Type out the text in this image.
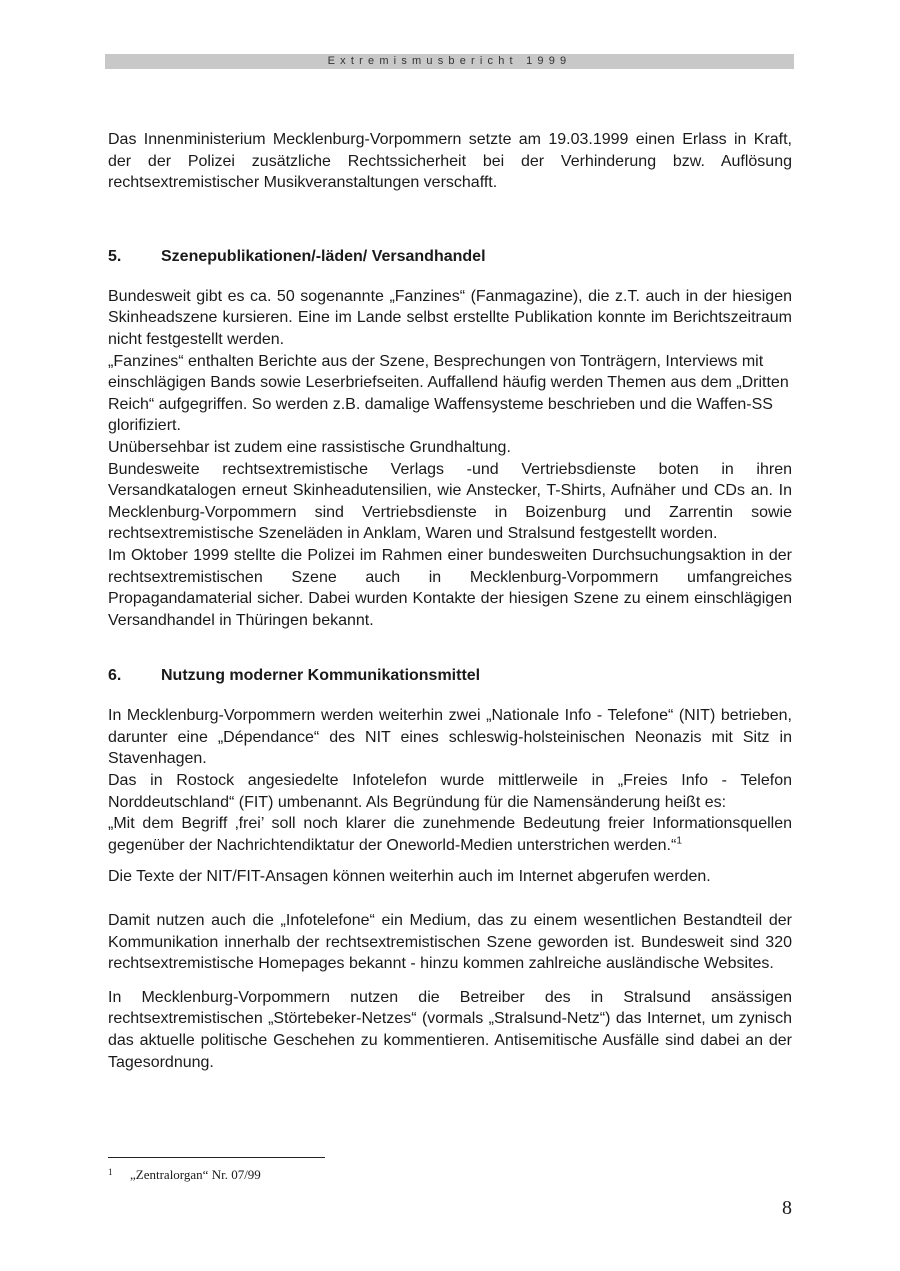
Extremismusbericht 1999

Das Innenministerium Mecklenburg-Vorpommern setzte am 19.03.1999 einen Erlass in Kraft, der der Polizei zusätzliche Rechtssicherheit bei der Verhinderung bzw. Auflösung rechtsextremistischer Musikveranstaltungen verschafft.

5.	Szenepublikationen/-läden/ Versandhandel

Bundesweit gibt es ca. 50 sogenannte „Fanzines“ (Fanmagazine), die z.T. auch in der hiesigen Skinheadszene kursieren. Eine im Lande selbst erstellte Publikation konnte im Berichtszeitraum nicht festgestellt werden.

„Fanzines“ enthalten Berichte aus der Szene, Besprechungen von Tonträgern, Interviews mit einschlägigen Bands sowie Leserbriefseiten. Auffallend häufig werden Themen aus dem „Dritten Reich“ aufgegriffen. So werden z.B. damalige Waffensysteme beschrieben und die Waffen-SS glorifiziert.

Unübersehbar ist zudem eine rassistische Grundhaltung.

Bundesweite rechtsextremistische Verlags -und Vertriebsdienste boten in ihren Versandkatalogen erneut Skinheadutensilien, wie Anstecker, T-Shirts, Aufnäher und CDs an. In Mecklenburg-Vorpommern sind Vertriebsdienste in Boizenburg und Zarrentin sowie rechtsextremistische Szeneläden in Anklam, Waren und Stralsund festgestellt worden.

Im Oktober 1999 stellte die Polizei im Rahmen einer bundesweiten Durchsuchungsaktion in der rechtsextremistischen Szene auch in Mecklenburg-Vorpommern umfangreiches Propagandamaterial sicher. Dabei wurden Kontakte der hiesigen Szene zu einem einschlägigen Versandhandel in Thüringen bekannt.

6.	Nutzung moderner Kommunikationsmittel

In Mecklenburg-Vorpommern werden weiterhin zwei „Nationale Info - Telefone“ (NIT) betrieben, darunter eine „Dépendance“ des NIT eines schleswig-holsteinischen Neonazis mit Sitz in Stavenhagen.

Das in Rostock angesiedelte Infotelefon wurde mittlerweile in „Freies Info - Telefon Norddeutschland“ (FIT) umbenannt. Als Begründung für die Namensänderung heißt es:

„Mit dem Begriff ‚frei’ soll noch klarer die zunehmende Bedeutung freier Informationsquellen gegenüber der Nachrichtendiktatur der Oneworld-Medien unterstrichen werden.“$^1$

Die Texte der NIT/FIT-Ansagen können weiterhin auch im Internet abgerufen werden.

Damit nutzen auch die „Infotelefone“ ein Medium, das zu einem wesentlichen Bestandteil der Kommunikation innerhalb der rechtsextremistischen Szene geworden ist. Bundesweit sind 320 rechtsextremistische Homepages bekannt - hinzu kommen zahlreiche ausländische Websites.

In Mecklenburg-Vorpommern nutzen die Betreiber des in Stralsund ansässigen rechtsextremistischen „Störtebeker-Netzes“ (vormals „Stralsund-Netz“) das Internet, um zynisch das aktuelle politische Geschehen zu kommentieren. Antisemitische Ausfälle sind dabei an der Tagesordnung.

1 „Zentralorgan“ Nr. 07/99
8
